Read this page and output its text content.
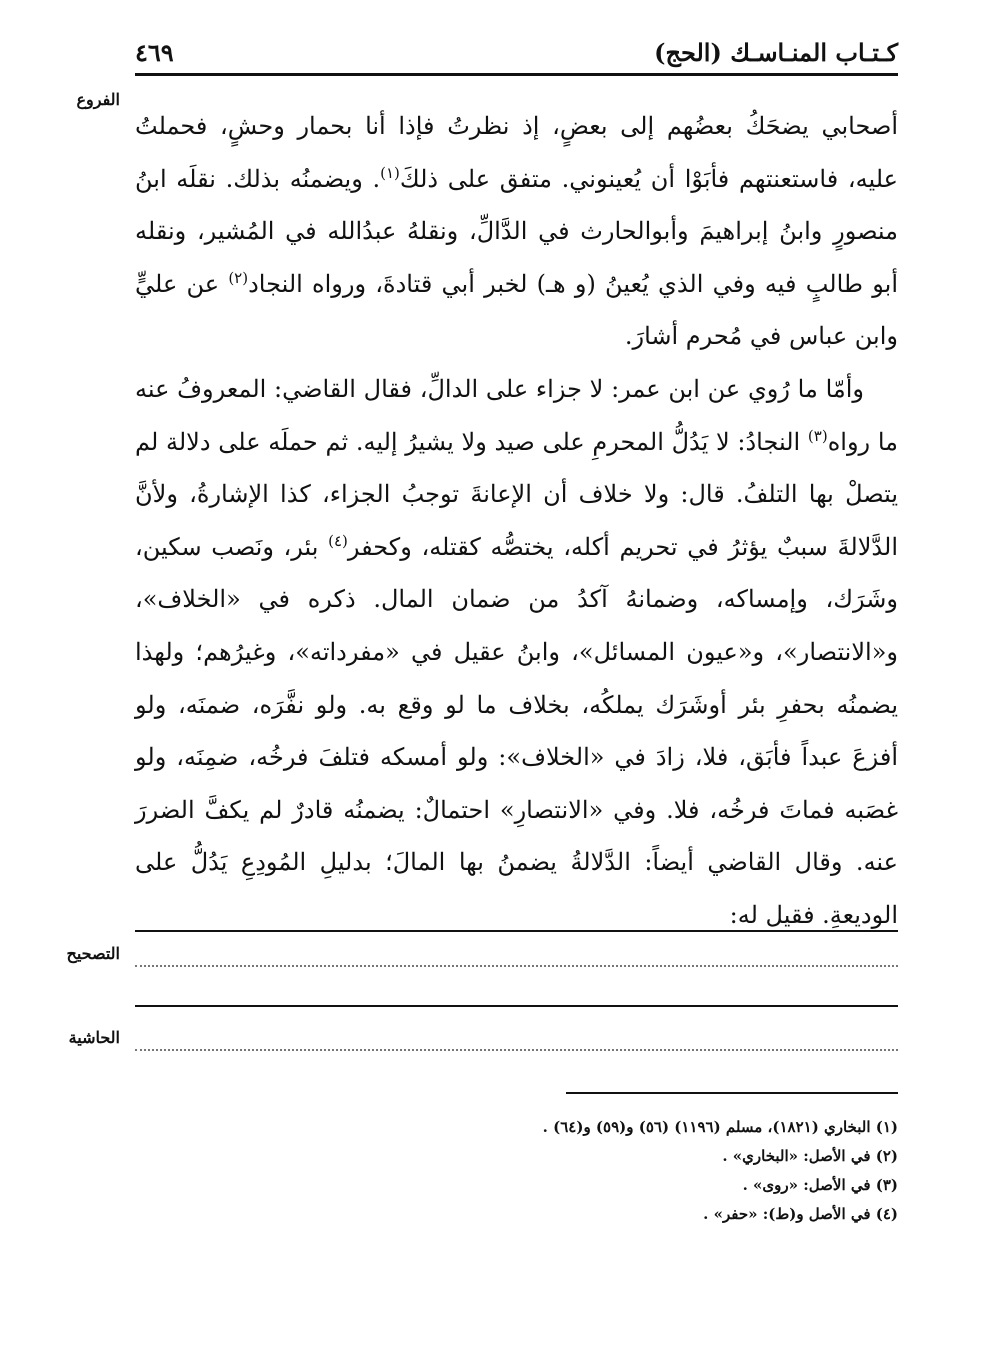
كـتـاب المنـاسـك (الحج)
٤٦٩
الفروع

أصحابي يضحَكُ بعضُهم إلى بعضٍ، إذ نظرتُ فإذا أنا بحمار وحشٍ، فحملتُ عليه، فاستعنتهم فأبَوْا أن يُعينوني. متفق على ذلكَ$^{(١)}$. ويضمنُه بذلك. نقلَه ابنُ منصورٍ وابنُ إبراهيمَ وأبوالحارث في الدَّالِّ، ونقلهُ عبدُالله في المُشير، ونقله أبو طالبٍ فيه وفي الذي يُعينُ (و هـ) لخبر أبي قتادةَ، ورواه النجاد$^{(٢)}$ عن عليٍّ وابن عباس في مُحرم أشارَ.

وأمّا ما رُوي عن ابن عمر: لا جزاء على الدالِّ، فقال القاضي: المعروفُ عنه ما رواه$^{(٣)}$ النجادُ: لا يَدُلُّ المحرمِ على صيد ولا يشيرُ إليه. ثم حملَه على دلالة لم يتصلْ بها التلفُ. قال: ولا خلاف أن الإعانةَ توجبُ الجزاء، كذا الإشارةُ، ولأنَّ الدَّلالةَ سببٌ يؤثرُ في تحريم أكله، يختصُّه كقتله، وكحفر$^{(٤)}$ بئر، ونَصب سكين، وشَرَك، وإمساكه، وضمانهُ آكدُ من ضمان المال. ذكره في «الخلاف»، و«الانتصار»، و«عيون المسائل»، وابنُ عقيل في «مفرداته»، وغيرُهم؛ ولهذا يضمنُه بحفرِ بئر أوشَرَك يملكُه، بخلاف ما لو وقع به. ولو نفَّرَه، ضمنَه، ولو أفزعَ عبداً فأبَق، فلا، زادَ في «الخلاف»: ولو أمسكه فتلفَ فرخُه، ضمِنَه، ولو غصَبه فماتَ فرخُه، فلا. وفي «الانتصارِ» احتمالٌ: يضمنُه قادرٌ لم يكفَّ الضررَ عنه. وقال القاضي أيضاً: الدَّلالةُ يضمنُ بها المالَ؛ بدليلِ المُودِعِ يَدُلُّ على الوديعةِ. فقيل له:

التصحيح
الحاشية
(١) البخاري (١٨٢١)، مسلم (١١٩٦) (٥٦) و(٥٩) و(٦٤) .
(٢) في الأصل: «البخاري» .
(٣) في الأصل: «روى» .
(٤) في الأصل و(ط): «حفر» .
